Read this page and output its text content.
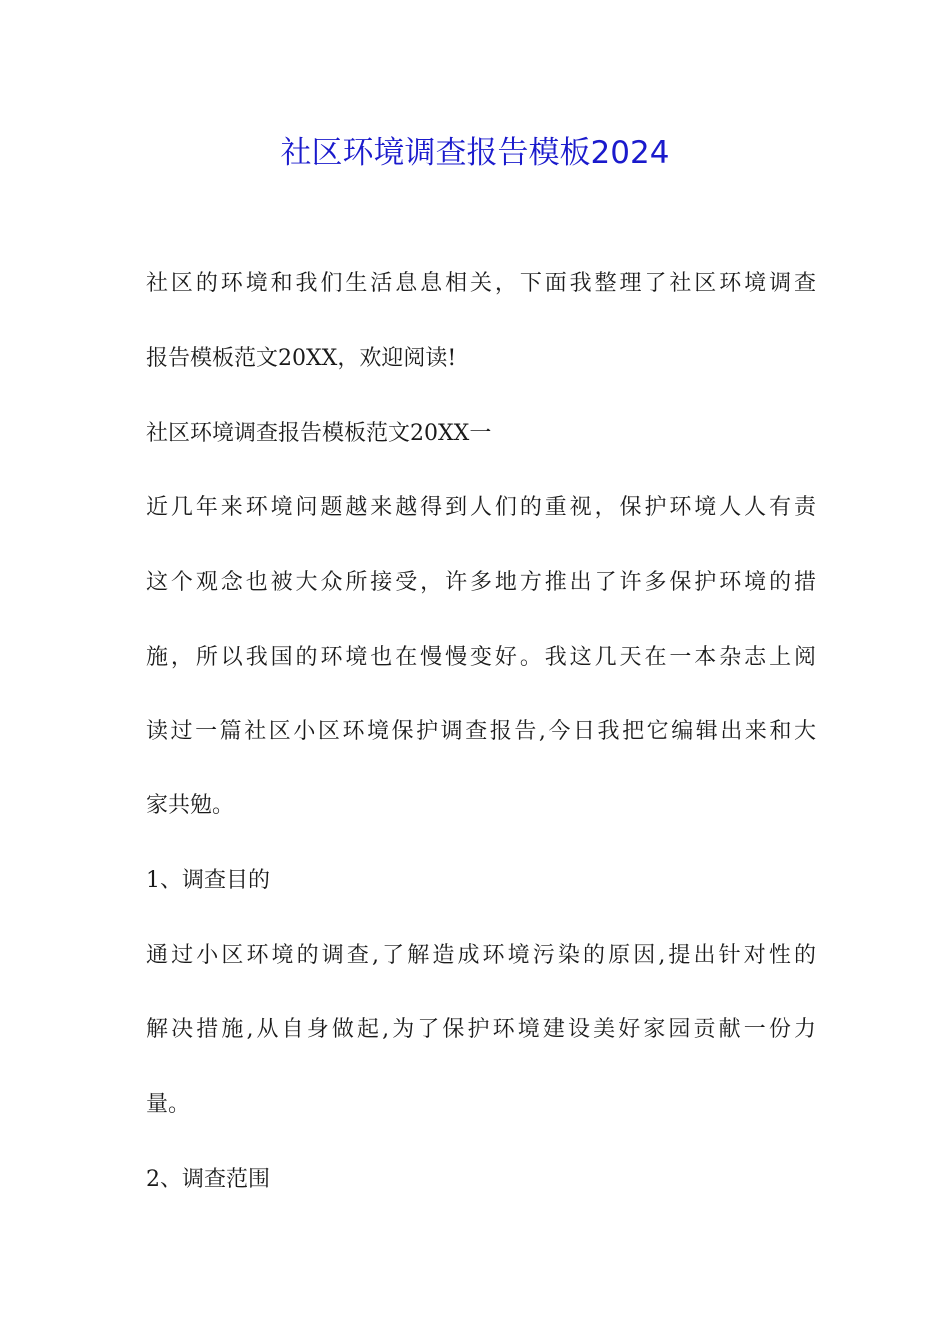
社区环境调查报告模板2024
社区的环境和我们生活息息相关，下面我整理了社区环境调查
报告模板范文20XX，欢迎阅读!
社区环境调查报告模板范文20XX一
近几年来环境问题越来越得到人们的重视，保护环境人人有责
这个观念也被大众所接受，许多地方推出了许多保护环境的措
施，所以我国的环境也在慢慢变好。我这几天在一本杂志上阅
读过一篇社区小区环境保护调查报告,今日我把它编辑出来和大
家共勉。
1、调查目的
通过小区环境的调查,了解造成环境污染的原因,提出针对性的
解决措施,从自身做起,为了保护环境建设美好家园贡献一份力
量。
2、调查范围
